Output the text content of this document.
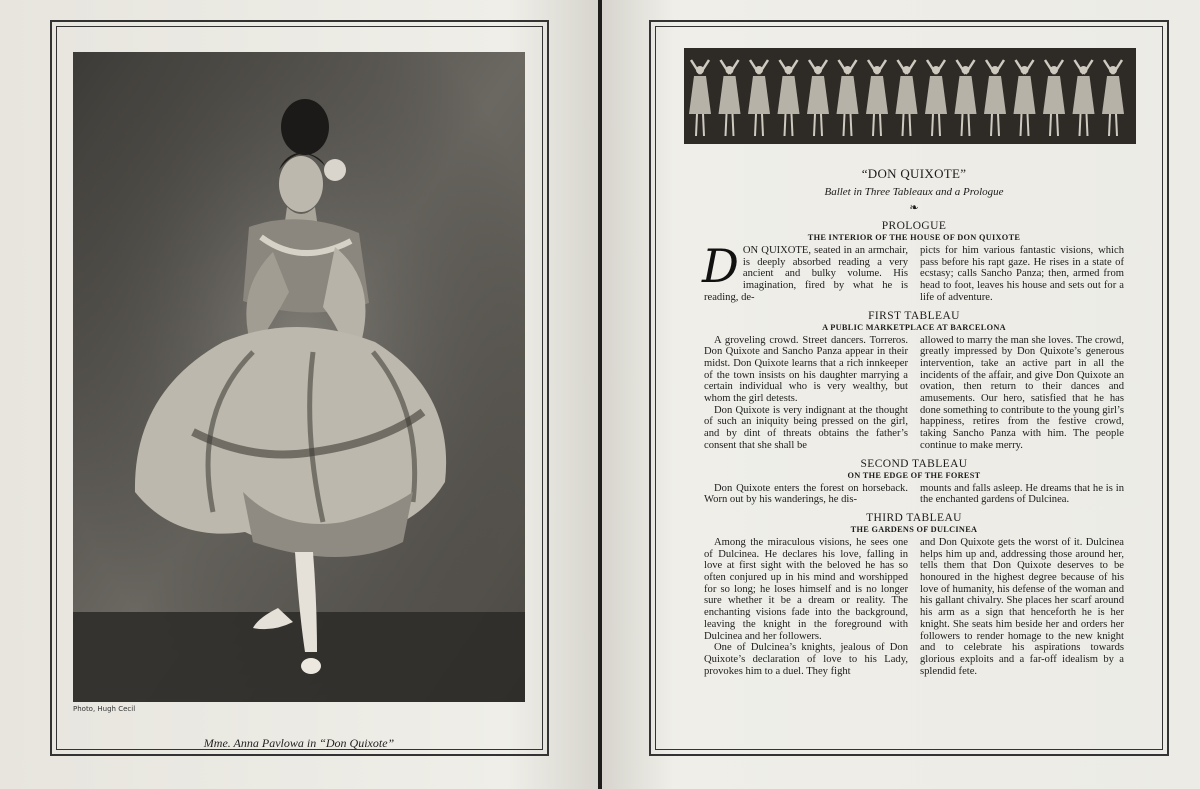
Photo, Hugh Cecil
Mme. Anna Pavlowa in “Don Quixote”
“DON QUIXOTE”
Ballet in Three Tableaux and a Prologue
❧
PROLOGUE
THE INTERIOR OF THE HOUSE OF DON QUIXOTE

DON QUIXOTE, seated in an armchair, is deeply absorbed reading a very ancient and bulky volume. His imagination, fired by what he is reading, de-

picts for him various fantastic visions, which pass before his rapt gaze. He rises in a state of ecstasy; calls Sancho Panza; then, armed from head to foot, leaves his house and sets out for a life of adventure.

FIRST TABLEAU
A PUBLIC MARKETPLACE AT BARCELONA

A groveling crowd. Street dancers. Torreros. Don Quixote and Sancho Panza appear in their midst. Don Quixote learns that a rich innkeeper of the town insists on his daughter marrying a certain individual who is very wealthy, but whom the girl detests.

Don Quixote is very indignant at the thought of such an iniquity being pressed on the girl, and by dint of threats obtains the father’s consent that she shall be

allowed to marry the man she loves. The crowd, greatly impressed by Don Quixote’s generous intervention, take an active part in all the incidents of the affair, and give Don Quixote an ovation, then return to their dances and amusements. Our hero, satisfied that he has done something to contribute to the young girl’s happiness, retires from the festive crowd, taking Sancho Panza with him. The people continue to make merry.

SECOND TABLEAU
ON THE EDGE OF THE FOREST

Don Quixote enters the forest on horseback. Worn out by his wanderings, he dis-

mounts and falls asleep. He dreams that he is in the enchanted gardens of Dulcinea.

THIRD TABLEAU
THE GARDENS OF DULCINEA

Among the miraculous visions, he sees one of Dulcinea. He declares his love, falling in love at first sight with the beloved he has so often conjured up in his mind and worshipped for so long; he loses himself and is no longer sure whether it be a dream or reality. The enchanting visions fade into the background, leaving the knight in the foreground with Dulcinea and her followers.

One of Dulcinea’s knights, jealous of Don Quixote’s declaration of love to his Lady, provokes him to a duel. They fight

and Don Quixote gets the worst of it. Dulcinea helps him up and, addressing those around her, tells them that Don Quixote deserves to be honoured in the highest degree because of his love of humanity, his defense of the woman and his gallant chivalry. She places her scarf around his arm as a sign that henceforth he is her knight. She seats him beside her and orders her followers to render homage to the new knight and to celebrate his aspirations towards glorious exploits and a far-off idealism by a splendid fete.
